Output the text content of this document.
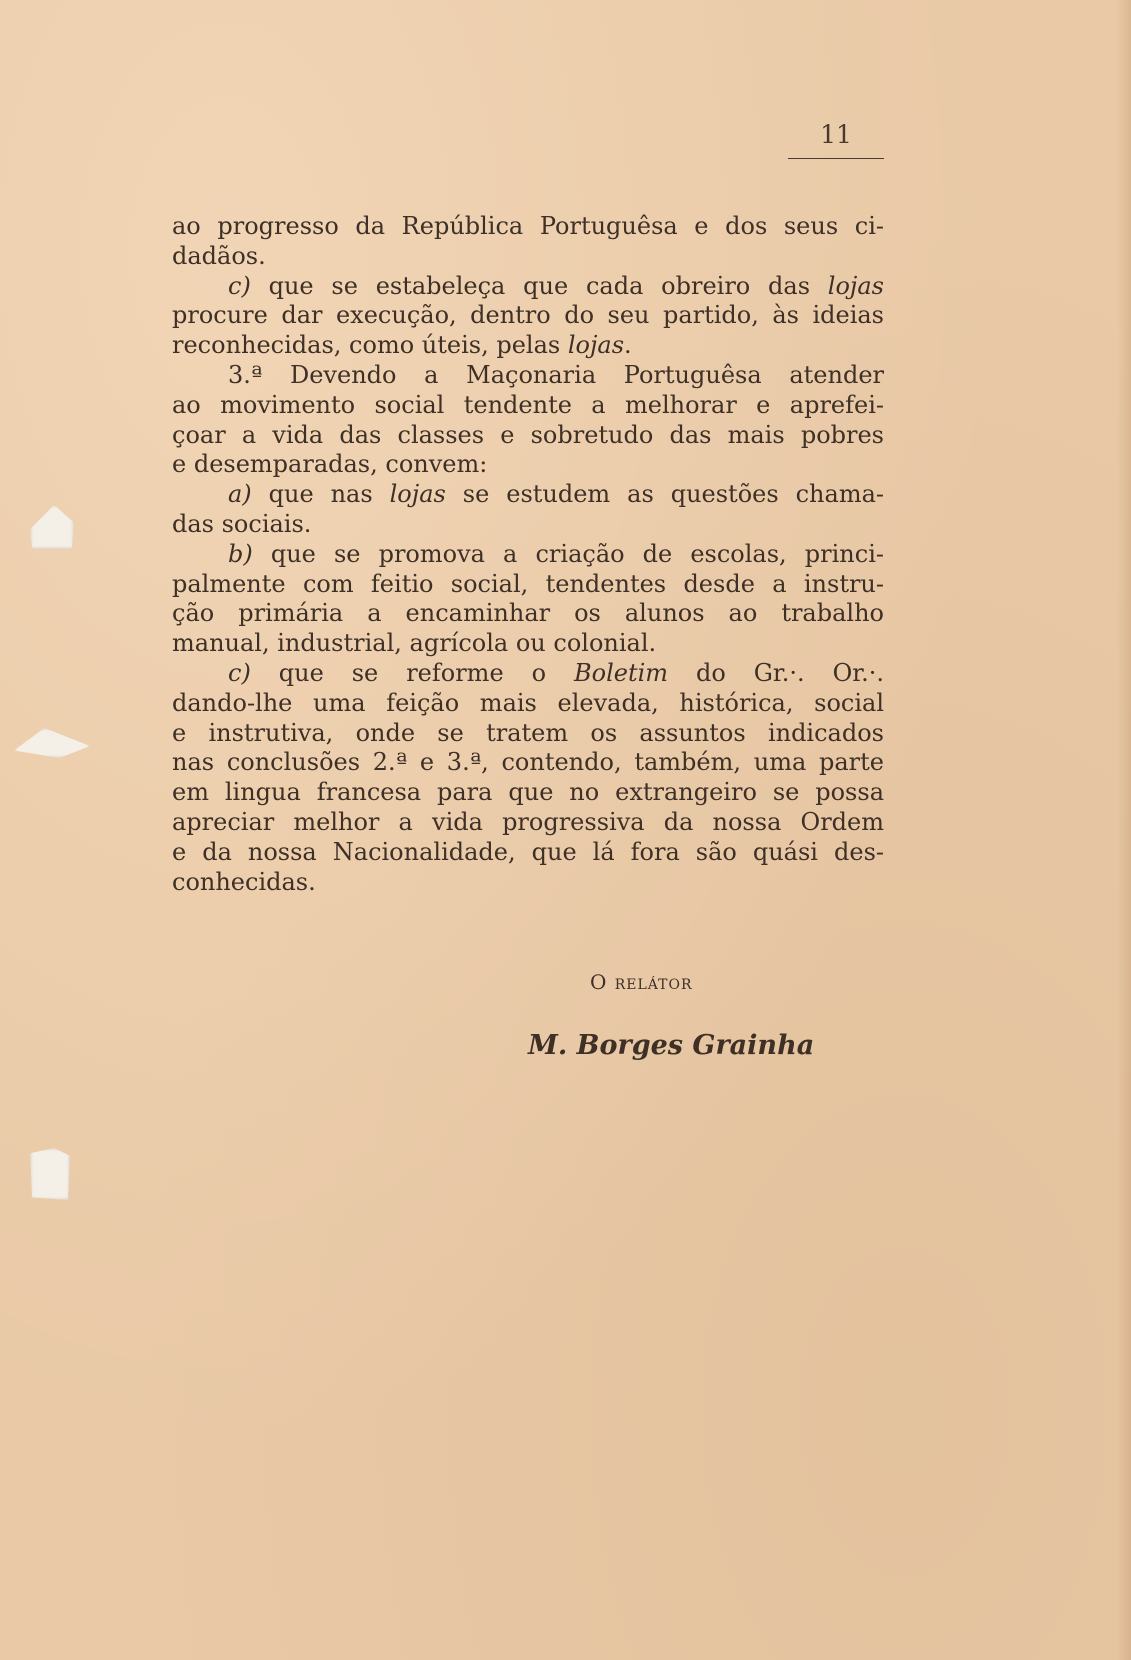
11
ao progresso da República Portuguêsa e dos seus ci-
dadãos.
c) que se estabeleça que cada obreiro das lojas
procure dar execução, dentro do seu partido, às ideias
reconhecidas, como úteis, pelas lojas.
3.ª Devendo a Maçonaria Portuguêsa atender
ao movimento social tendente a melhorar e aprefei-
çoar a vida das classes e sobretudo das mais pobres
e desemparadas, convem:
a) que nas lojas se estudem as questões chama-
das sociais.
b) que se promova a criação de escolas, princi-
palmente com feitio social, tendentes desde a instru-
ção primária a encaminhar os alunos ao trabalho
manual, industrial, agrícola ou colonial.
c) que se reforme o Boletim do Gr.·. Or.·.
dando-lhe uma feição mais elevada, histórica, social
e instrutiva, onde se tratem os assuntos indicados
nas conclusões 2.ª e 3.ª, contendo, também, uma parte
em lingua francesa para que no extrangeiro se possa
apreciar melhor a vida progressiva da nossa Ordem
e da nossa Nacionalidade, que lá fora são quási des-
conhecidas.
O relátor
M. Borges Grainha
